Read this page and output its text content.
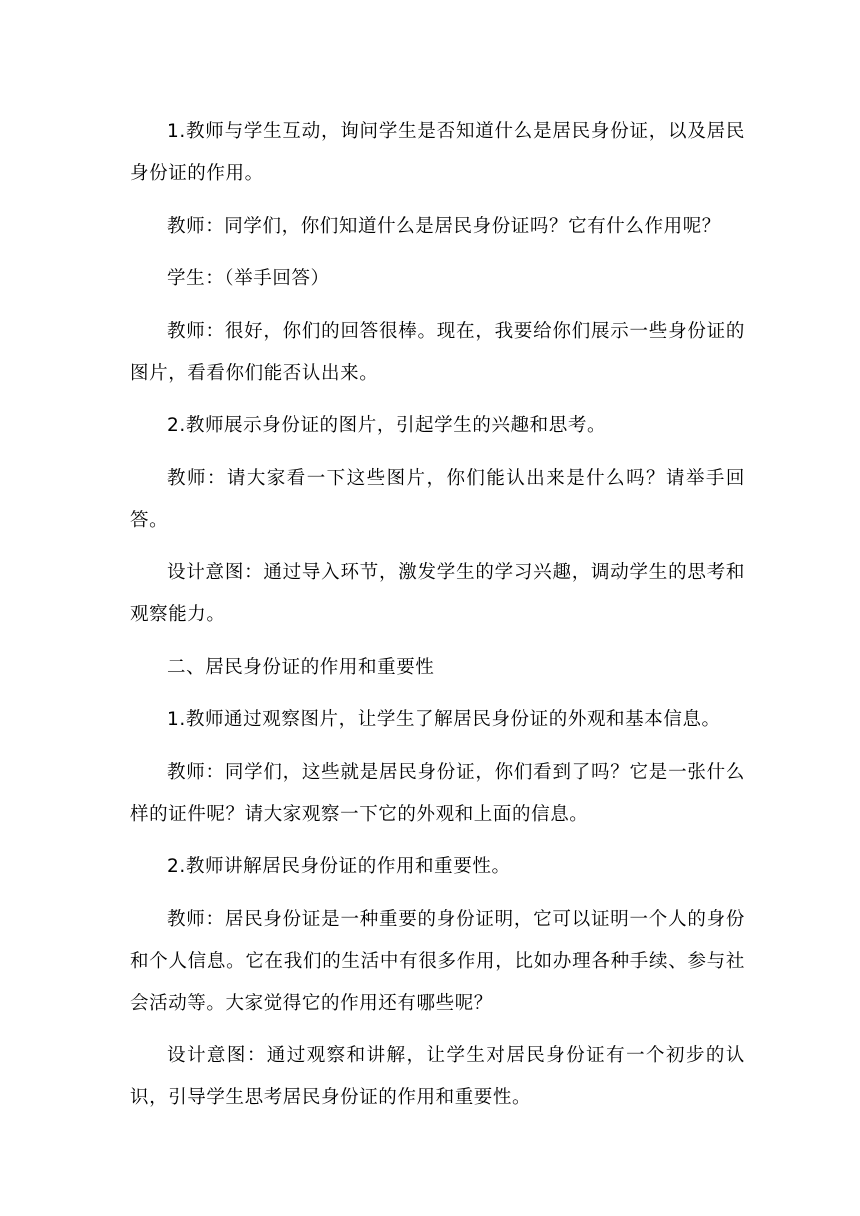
1.教师与学生互动，询问学生是否知道什么是居民身份证，以及居民身份证的作用。

教师：同学们，你们知道什么是居民身份证吗？它有什么作用呢？

学生：（举手回答）

教师：很好，你们的回答很棒。现在，我要给你们展示一些身份证的图片，看看你们能否认出来。

2.教师展示身份证的图片，引起学生的兴趣和思考。

教师：请大家看一下这些图片，你们能认出来是什么吗？请举手回答。

设计意图：通过导入环节，激发学生的学习兴趣，调动学生的思考和观察能力。

二、居民身份证的作用和重要性

1.教师通过观察图片，让学生了解居民身份证的外观和基本信息。

教师：同学们，这些就是居民身份证，你们看到了吗？它是一张什么样的证件呢？请大家观察一下它的外观和上面的信息。

2.教师讲解居民身份证的作用和重要性。

教师：居民身份证是一种重要的身份证明，它可以证明一个人的身份和个人信息。它在我们的生活中有很多作用，比如办理各种手续、参与社会活动等。大家觉得它的作用还有哪些呢？

设计意图：通过观察和讲解，让学生对居民身份证有一个初步的认识，引导学生思考居民身份证的作用和重要性。
